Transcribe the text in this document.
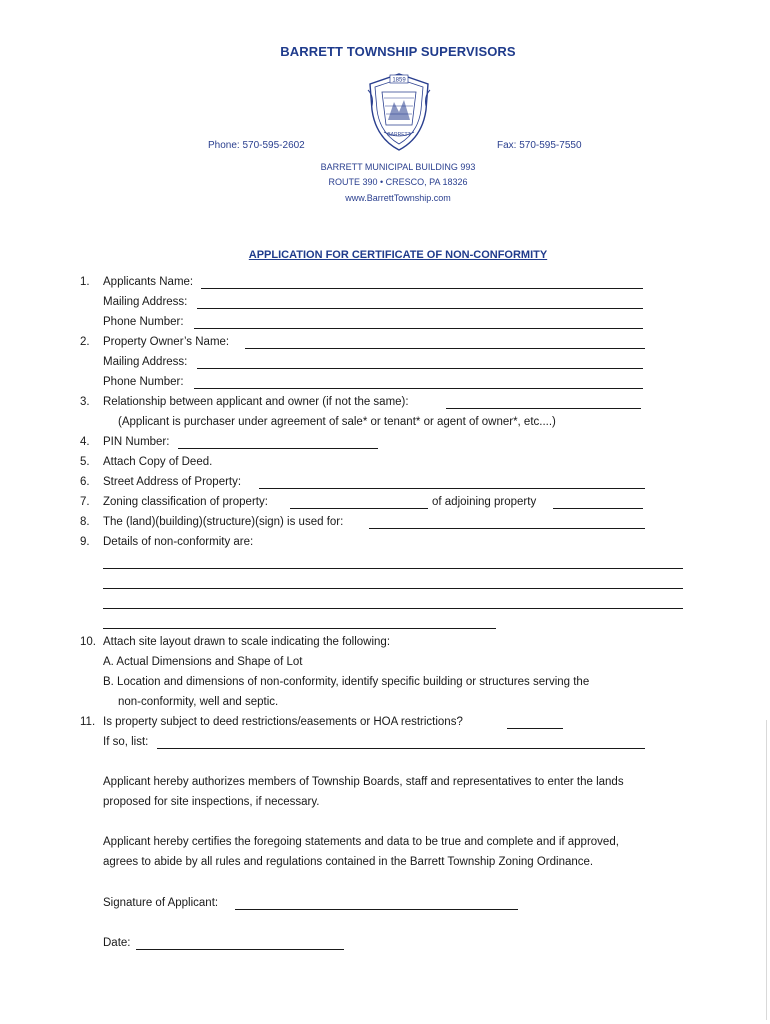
BARRETT TOWNSHIP SUPERVISORS
1859
BARRETT
Phone: 570-595-2602	Fax: 570-595-7550
BARRETT MUNICIPAL BUILDING 993
ROUTE 390 • CRESCO, PA 18326
www.BarrettTownship.com
APPLICATION FOR CERTIFICATE OF NON-CONFORMITY
1. Applicants Name:
Mailing Address:
Phone Number:
2. Property Owner’s Name:
Mailing Address:
Phone Number:
3. Relationship between applicant and owner (if not the same):
(Applicant is purchaser under agreement of sale* or tenant* or agent of owner*, etc....)
4. PIN Number:
5. Attach Copy of Deed.
6. Street Address of Property:
7. Zoning classification of property:	of adjoining property
8. The (land)(building)(structure)(sign) is used for:
9. Details of non-conformity are:
10. Attach site layout drawn to scale indicating the following:
A. Actual Dimensions and Shape of Lot
B. Location and dimensions of non-conformity, identify specific building or structures serving the
non-conformity, well and septic.
11. Is property subject to deed restrictions/easements or HOA restrictions?
If so, list:
Applicant hereby authorizes members of Township Boards, staff and representatives to enter the lands
proposed for site inspections, if necessary.
Applicant hereby certifies the foregoing statements and data to be true and complete and if approved,
agrees to abide by all rules and regulations contained in the Barrett Township Zoning Ordinance.
Signature of Applicant:
Date:
